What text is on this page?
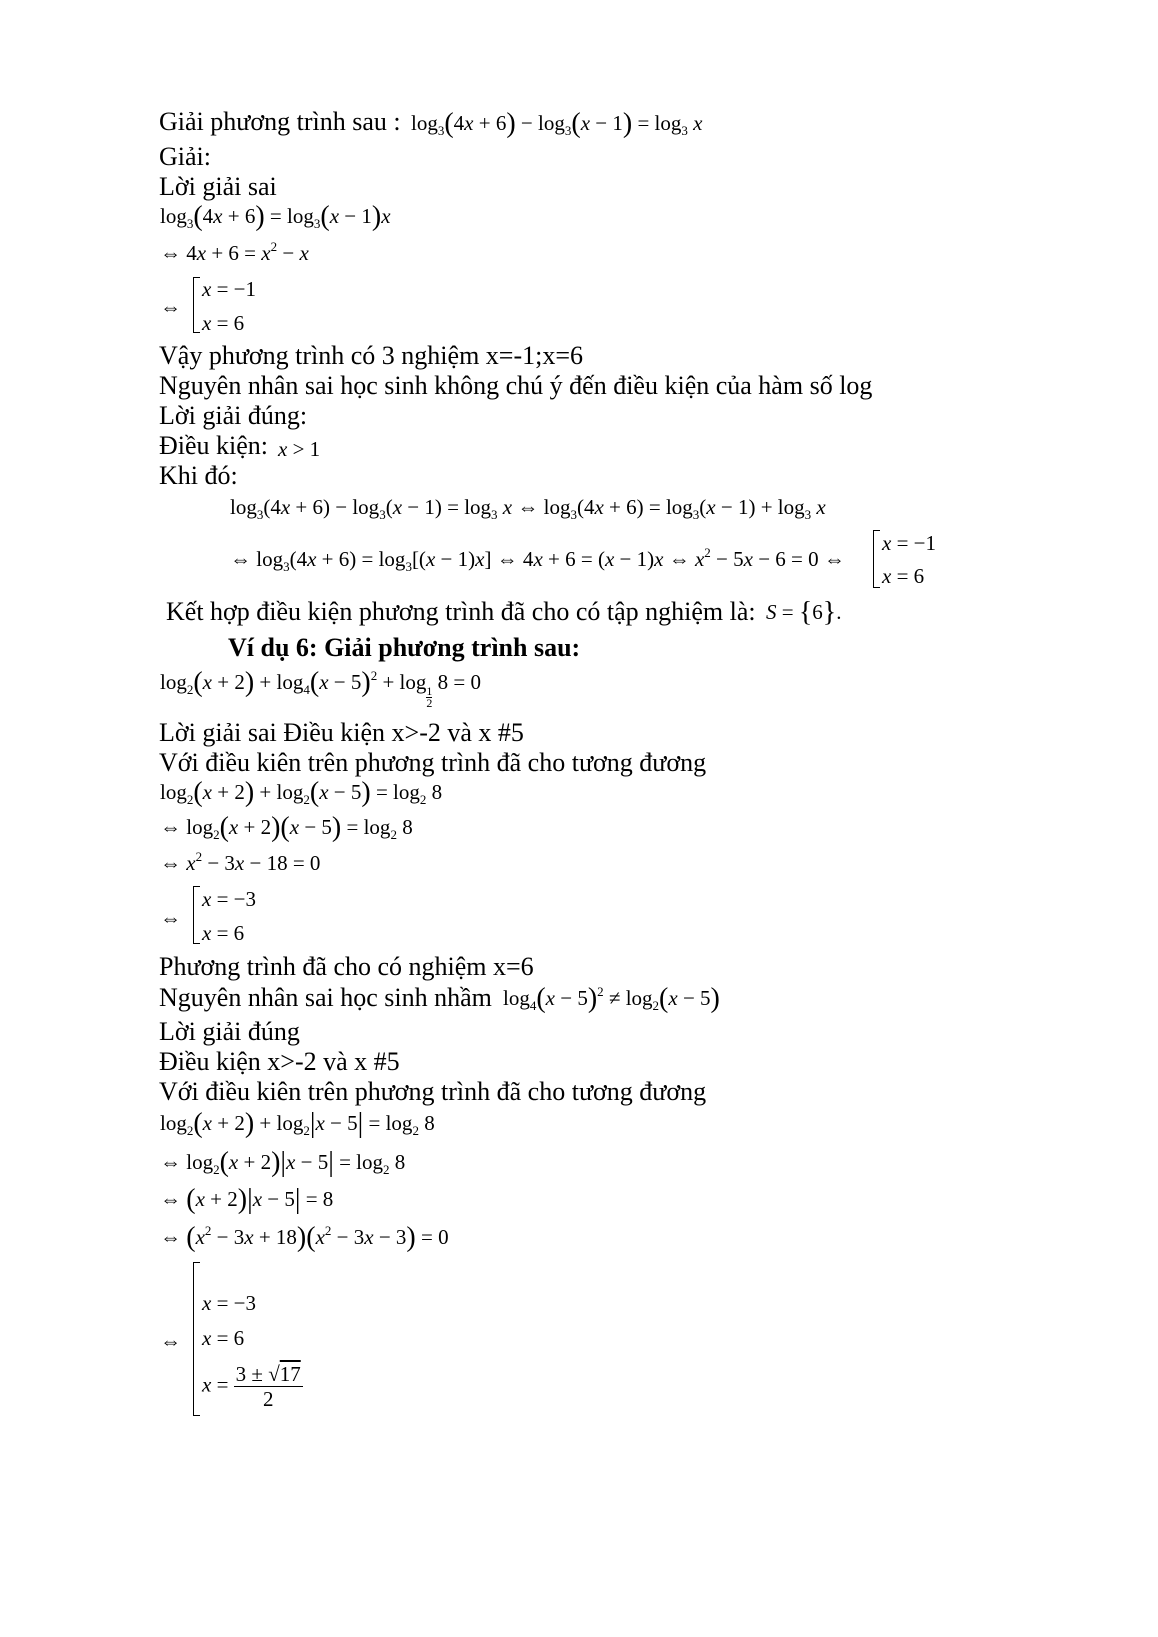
Giải phương trình sau : $\log_3(4x + 6) - \log_3(x - 1) = \log_3 x$
Giải:
Lời giải sai
$\log_3(4x + 6) = \log_3(x - 1)x$
⇔ $4x + 6 = x^2 - x$
⇔
x = −1
x = 6
Vậy phương trình có 3 nghiệm x=-1;x=6
Nguyên nhân sai học sinh không chú ý đến điều kiện của hàm số log
Lời giải đúng:
Điều kiện: x > 1
Khi đó:
$\log_3(4x + 6) - \log_3(x - 1) = \log_3 x$ ⇔ $\log_3(4x + 6) = \log_3(x - 1) + \log_3 x$
⇔ $\log_3(4x + 6) = \log_3[(x - 1)x]$ ⇔ 4x + 6 = (x − 1)x ⇔ $x^2 - 5x - 6 = 0$ ⇔
x = −1
x = 6
Kết hợp điều kiện phương trình đã cho có tập nghiệm là: S = {6}.
Ví dụ 6: Giải phương trình sau:
$\log_2(x + 2) + \log_4(x - 5)^2 + \log$
$\frac{1}{2}$
8 = 0
Lời giải sai Điều kiện x>-2 và x #5
Với điều kiên trên phương trình đã cho tương đương
$\log_2(x + 2) + \log_2(x - 5) = \log_2 8$
⇔ $\log_2(x + 2)(x - 5) = \log_2 8$
⇔ $x^2 - 3x - 18 = 0$
⇔
x = −3
x = 6
Phương trình đã cho có nghiệm x=6
Nguyên nhân sai học sinh nhầm $\log_4(x - 5)^2 \ne \log_2(x - 5)$
Lời giải đúng
Điều kiện x>-2 và x #5
Với điều kiên trên phương trình đã cho tương đương
$\log_2(x + 2) + \log_2|x - 5| = \log_2 8$
⇔ $\log_2(x + 2)|x - 5| = \log_2 8$
⇔ (x + 2)|x − 5| = 8
⇔ $(x^2 - 3x + 18)(x^2 - 3x - 3) = 0$
⇔
x = −3
x = 6
$x = \frac{3 \pm √17}{2}$
